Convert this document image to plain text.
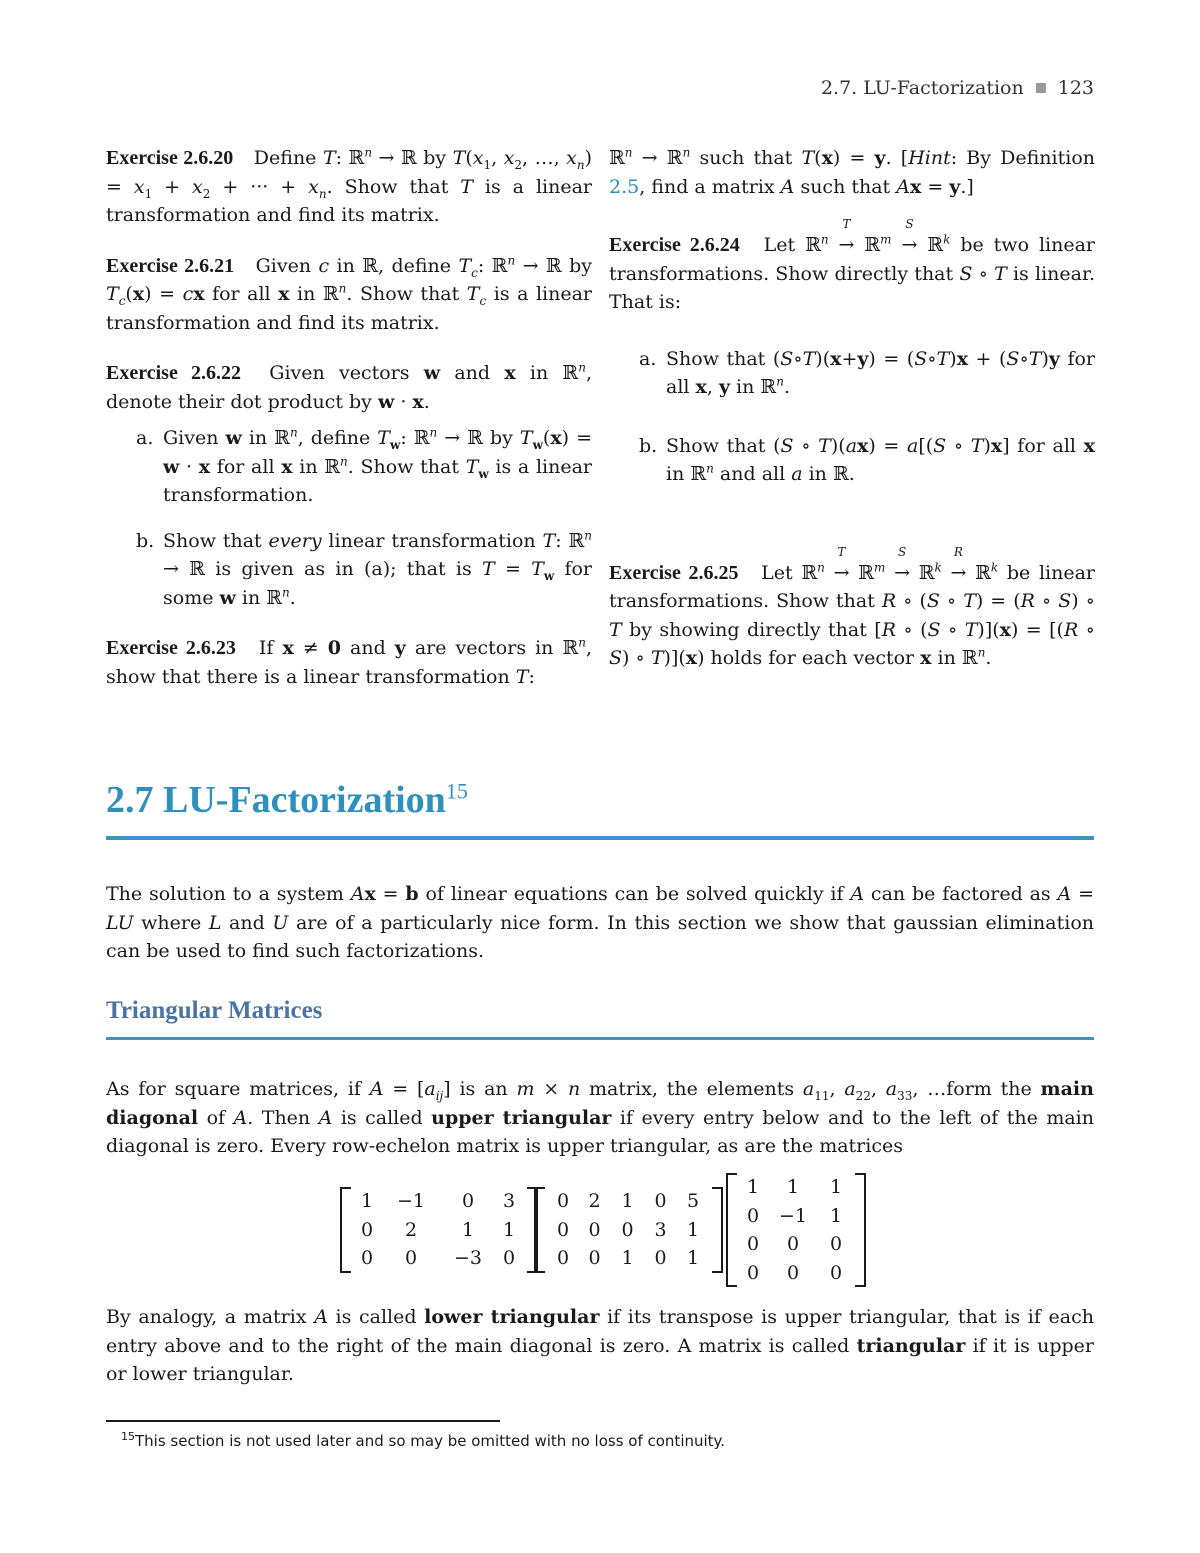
2.7. LU-Factorization 123

Exercise 2.6.20 Define T: ℝ$^n$ → ℝ by $T(x_1$, $x_2$, …, $x_n) = x_1 + x_2$ + ··· + $x_n$. Show that T is a linear transformation and find its matrix.

Exercise 2.6.21 Given c in ℝ, define $T_c$: ℝ$^n$ → ℝ by $T_c(x)$ = cx for all x in ℝ$^n$. Show that $T_c$ is a linear transformation and find its matrix.

Exercise 2.6.22 Given vectors w and x in ℝ$^n$, denote their dot product by w · x.

a. Given w in ℝ$^n$, define $T_w$: ℝ$^n$ → ℝ by $T_w(x) = w \cdot x$ for all x in ℝ$^n$. Show that $T_w$ is a linear transformation.

b. Show that every linear transformation T: ℝ$^n$ → ℝ is given as in (a); that is $T = T_w$ for some w in ℝ$^n$.

Exercise 2.6.23 If x ≠ 0 and y are vectors in ℝ$^n$, show that there is a linear transformation T:

ℝ$^n$ → ℝ$^n$ such that T(x) = y. [Hint: By Definition 2.5, find a matrix A such that Ax = y.]

Exercise 2.6.24 Let ℝ$^n$
T
→ ℝ$^m$
S
→ ℝ$^k$ be two linear transformations. Show directly that S ∘ T is linear. That is:

a. Show that (S∘T)(x+y) = (S∘T)x + (S∘T)y for all x, y in ℝ$^n$.

b. Show that (S ∘ T)(ax) = a[(S ∘ T)x] for all x in ℝ$^n$ and all a in ℝ.

Exercise 2.6.25 Let ℝ$^n$
T
→ ℝ$^m$
S
→ ℝ$^k$
R
→ ℝ$^k$ be linear transformations. Show that R ∘ (S ∘ T) = (R ∘ S) ∘ T by showing directly that [R ∘ (S ∘ T)](x) = [(R ∘ S) ∘ T)](x) holds for each vector x in ℝ$^n$.

2.7 LU-Factorization$^{15}$

The solution to a system Ax = b of linear equations can be solved quickly if A can be factored as A = LU where L and U are of a particularly nice form. In this section we show that gaussian elimination can be used to find such factorizations.

Triangular Matrices

As for square matrices, if $A = [a_{ij}]$ is an m × n matrix, the elements $a_{11}$, $a_{22}$, $a_{33}$, …form the main diagonal of A. Then A is called upper triangular if every entry below and to the left of the main diagonal is zero. Every row-echelon matrix is upper triangular, as are the matrices

1	−1	0	3
0	2	1	1
0	0	−3	0
0	2	1	0	5
0	0	0	3	1
0	0	1	0	1
1	1	1
0	−1	1
0	0	0
0	0	0

By analogy, a matrix A is called lower triangular if its transpose is upper triangular, that is if each entry above and to the right of the main diagonal is zero. A matrix is called triangular if it is upper or lower triangular.

$^{15}$This section is not used later and so may be omitted with no loss of continuity.
